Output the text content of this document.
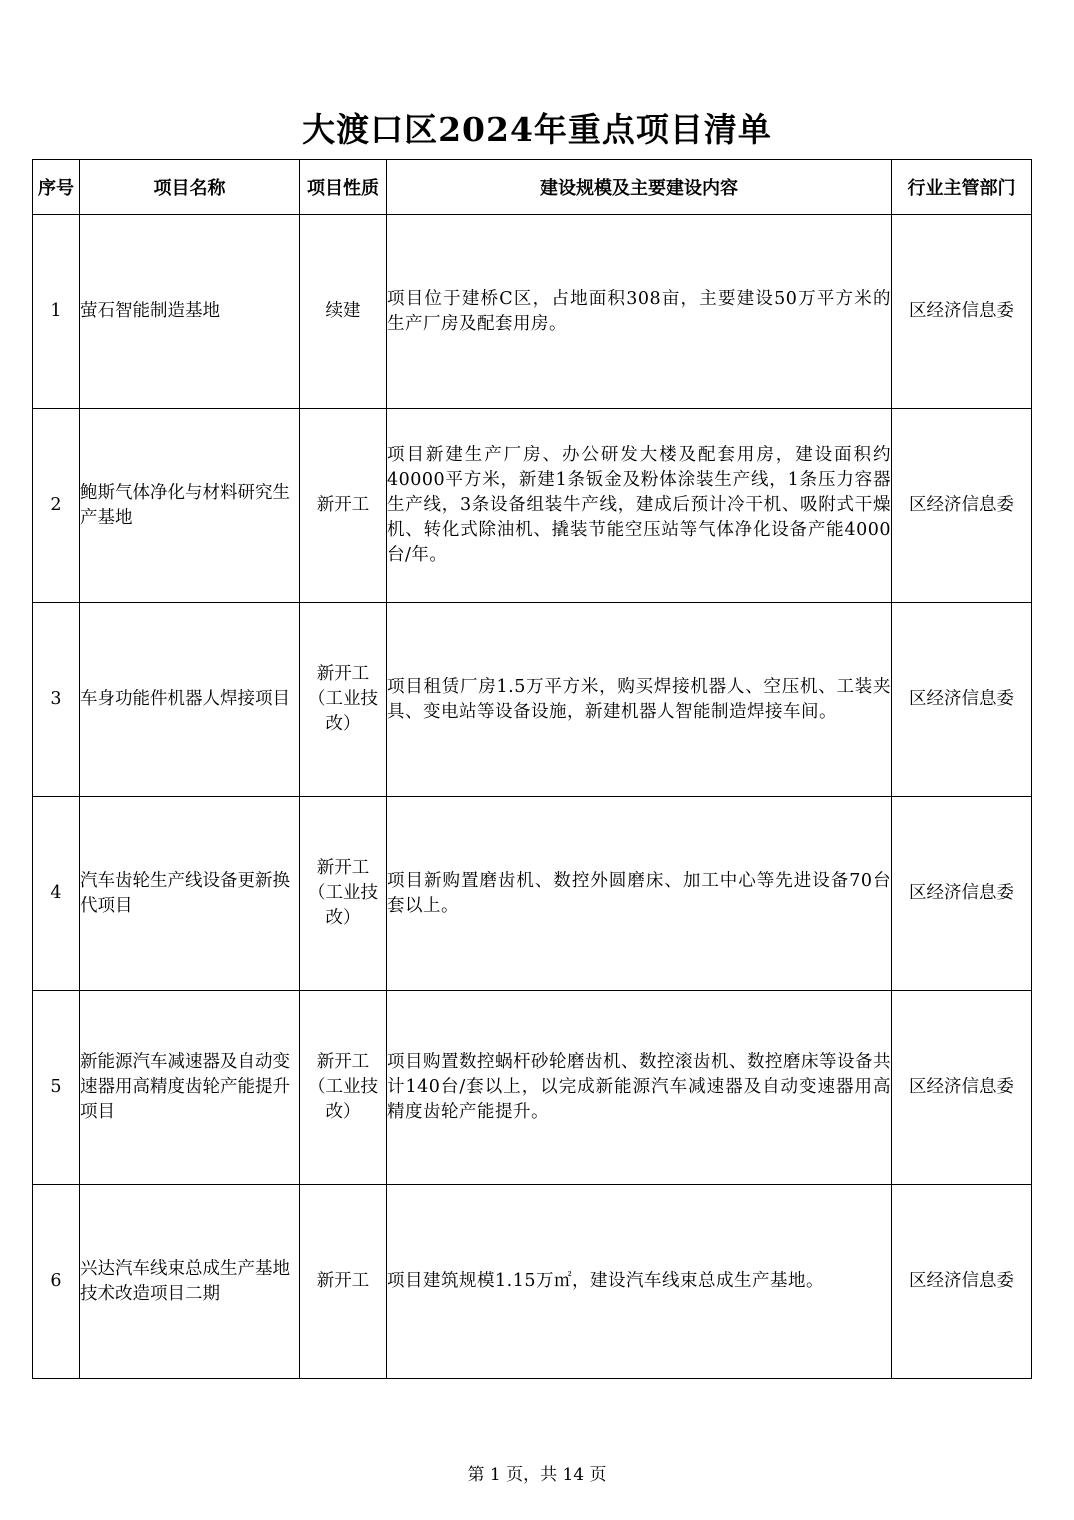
大渡口区2024年重点项目清单
序号	项目名称	项目性质	建设规模及主要建设内容	行业主管部门
1	萤石智能制造基地	续建	项目位于建桥C区，占地面积308亩，主要建设50万平方米的生产厂房及配套用房。	区经济信息委
2	鲍斯气体净化与材料研究生产基地	新开工	项目新建生产厂房、办公研发大楼及配套用房，建设面积约40000平方米，新建1条钣金及粉体涂装生产线，1条压力容器生产线，3条设备组装牛产线，建成后预计冷干机、吸附式干燥机、转化式除油机、撬装节能空压站等气体净化设备产能4000台/年。	区经济信息委
3	车身功能件机器人焊接项目	新开工（工业技改）	项目租赁厂房1.5万平方米，购买焊接机器人、空压机、工装夹具、变电站等设备设施，新建机器人智能制造焊接车间。	区经济信息委
4	汽车齿轮生产线设备更新换代项目	新开工（工业技改）	项目新购置磨齿机、数控外圆磨床、加工中心等先进设备70台套以上。	区经济信息委
5	新能源汽车减速器及自动变速器用高精度齿轮产能提升项目	新开工（工业技改）	项目购置数控蜗杆砂轮磨齿机、数控滚齿机、数控磨床等设备共计140台/套以上，以完成新能源汽车减速器及自动变速器用高精度齿轮产能提升。	区经济信息委
6	兴达汽车线束总成生产基地技术改造项目二期	新开工	项目建筑规模1.15万㎡，建设汽车线束总成生产基地。	区经济信息委
第 1 页，共 14 页
